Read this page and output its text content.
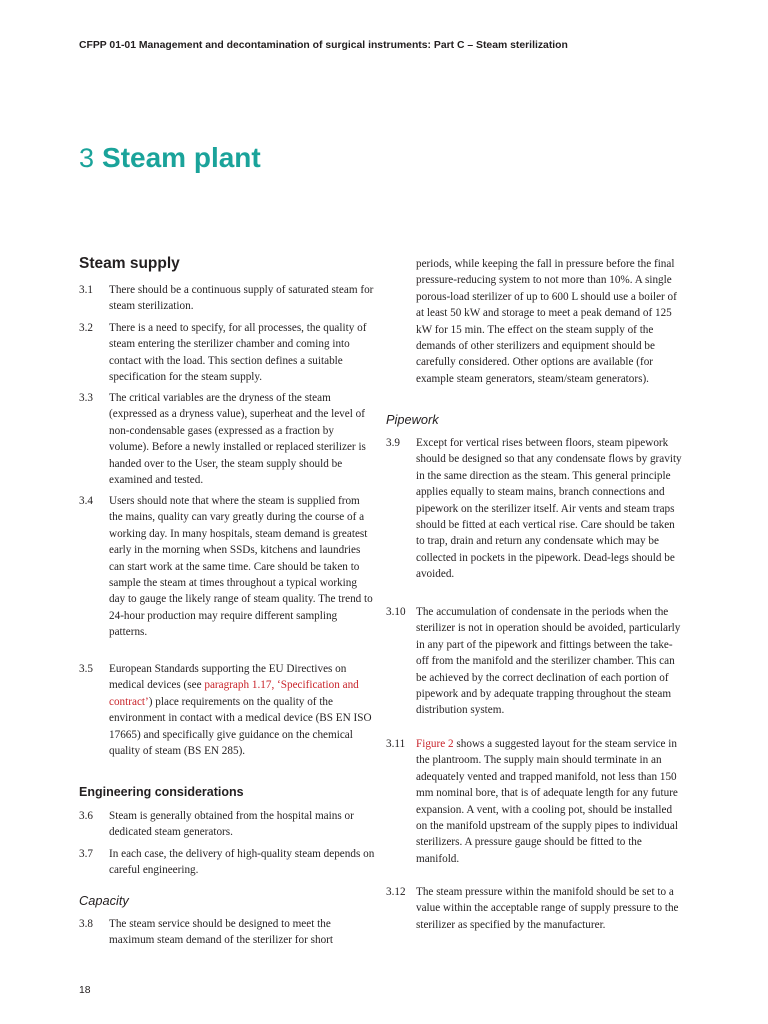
CFPP 01-01 Management and decontamination of surgical instruments: Part C – Steam sterilization
3 Steam plant
Steam supply
3.1 There should be a continuous supply of saturated steam for steam sterilization.
3.2 There is a need to specify, for all processes, the quality of steam entering the sterilizer chamber and coming into contact with the load. This section defines a suitable specification for the steam supply.
3.3 The critical variables are the dryness of the steam (expressed as a dryness value), superheat and the level of non-condensable gases (expressed as a fraction by volume). Before a newly installed or replaced sterilizer is handed over to the User, the steam supply should be examined and tested.
3.4 Users should note that where the steam is supplied from the mains, quality can vary greatly during the course of a working day. In many hospitals, steam demand is greatest early in the morning when SSDs, kitchens and laundries can start work at the same time. Care should be taken to sample the steam at times throughout a typical working day to gauge the likely range of steam quality. The trend to 24-hour production may require different sampling patterns.
3.5 European Standards supporting the EU Directives on medical devices (see paragraph 1.17, ‘Specification and contract’) place requirements on the quality of the environment in contact with a medical device (BS EN ISO 17665) and specifically give guidance on the chemical quality of steam (BS EN 285).
Engineering considerations
3.6 Steam is generally obtained from the hospital mains or dedicated steam generators.
3.7 In each case, the delivery of high-quality steam depends on careful engineering.
Capacity
3.8 The steam service should be designed to meet the maximum steam demand of the sterilizer for short
periods, while keeping the fall in pressure before the final pressure-reducing system to not more than 10%. A single porous-load sterilizer of up to 600 L should use a boiler of at least 50 kW and storage to meet a peak demand of 125 kW for 15 min. The effect on the steam supply of the demands of other sterilizers and equipment should be carefully considered. Other options are available (for example steam generators, steam/steam generators).
Pipework
3.9 Except for vertical rises between floors, steam pipework should be designed so that any condensate flows by gravity in the same direction as the steam. This general principle applies equally to steam mains, branch connections and pipework on the sterilizer itself. Air vents and steam traps should be fitted at each vertical rise. Care should be taken to trap, drain and return any condensate which may be collected in pockets in the pipework. Dead-legs should be avoided.
3.10 The accumulation of condensate in the periods when the sterilizer is not in operation should be avoided, particularly in any part of the pipework and fittings between the take-off from the manifold and the sterilizer chamber. This can be achieved by the correct declination of each portion of pipework and by adequate trapping throughout the steam distribution system.
3.11 Figure 2 shows a suggested layout for the steam service in the plantroom. The supply main should terminate in an adequately vented and trapped manifold, not less than 150 mm nominal bore, that is of adequate length for any future expansion. A vent, with a cooling pot, should be installed on the manifold upstream of the supply pipes to individual sterilizers. A pressure gauge should be fitted to the manifold.
3.12 The steam pressure within the manifold should be set to a value within the acceptable range of supply pressure to the sterilizer as specified by the manufacturer.
18
